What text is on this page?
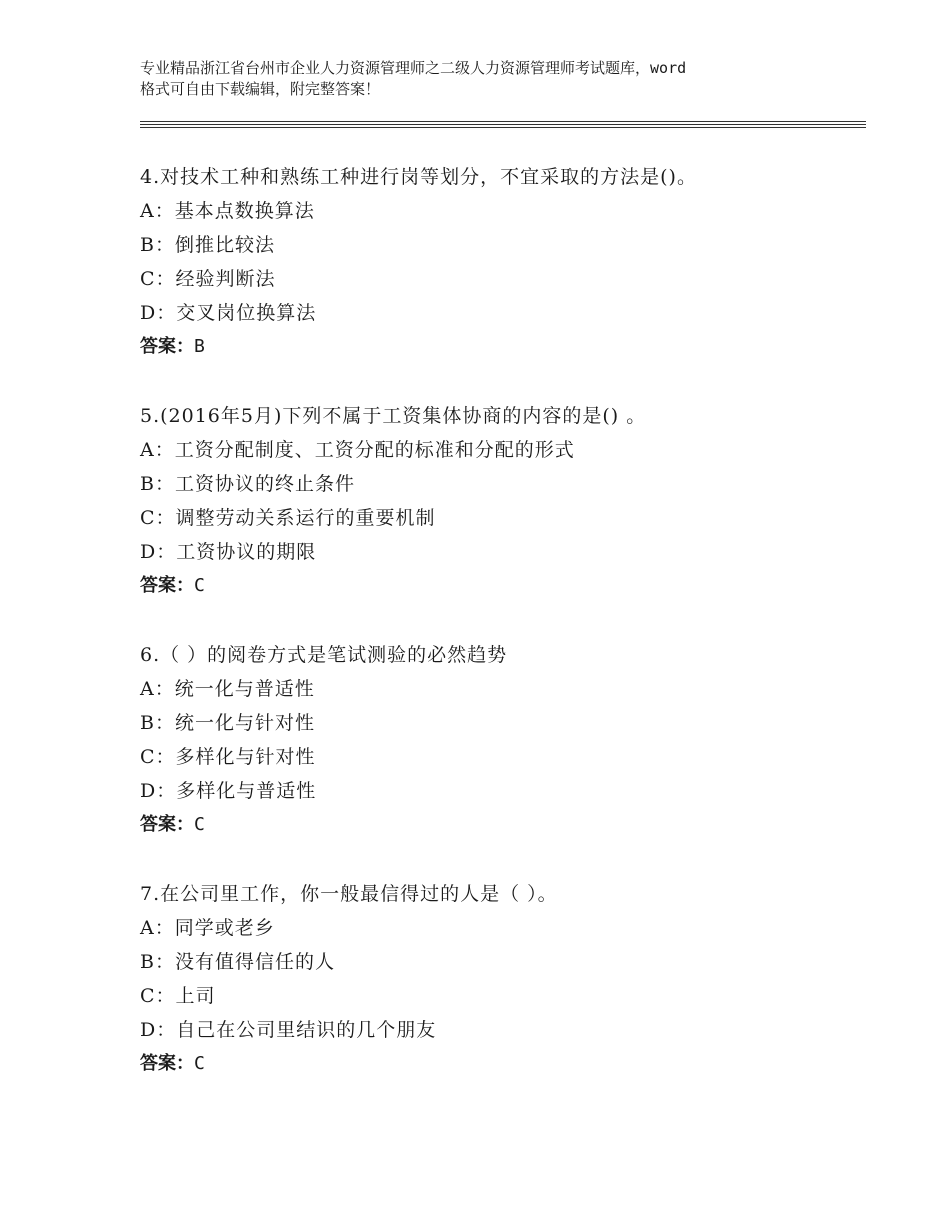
专业精品浙江省台州市企业人力资源管理师之二级人力资源管理师考试题库，word
格式可自由下载编辑，附完整答案！
4.对技术工种和熟练工种进行岗等划分，不宜采取的方法是()。
A：基本点数换算法
B：倒推比较法
C：经验判断法
D：交叉岗位换算法
答案：B
5.(2016年5月)下列不属于工资集体协商的内容的是() 。
A：工资分配制度、工资分配的标准和分配的形式
B：工资协议的终止条件
C：调整劳动关系运行的重要机制
D：工资协议的期限
答案：C
6.（ ）的阅卷方式是笔试测验的必然趋势
A：统一化与普适性
B：统一化与针对性
C：多样化与针对性
D：多样化与普适性
答案：C
7.在公司里工作，你一般最信得过的人是（ ）。
A：同学或老乡
B：没有值得信任的人
C：上司
D：自己在公司里结识的几个朋友
答案：C
